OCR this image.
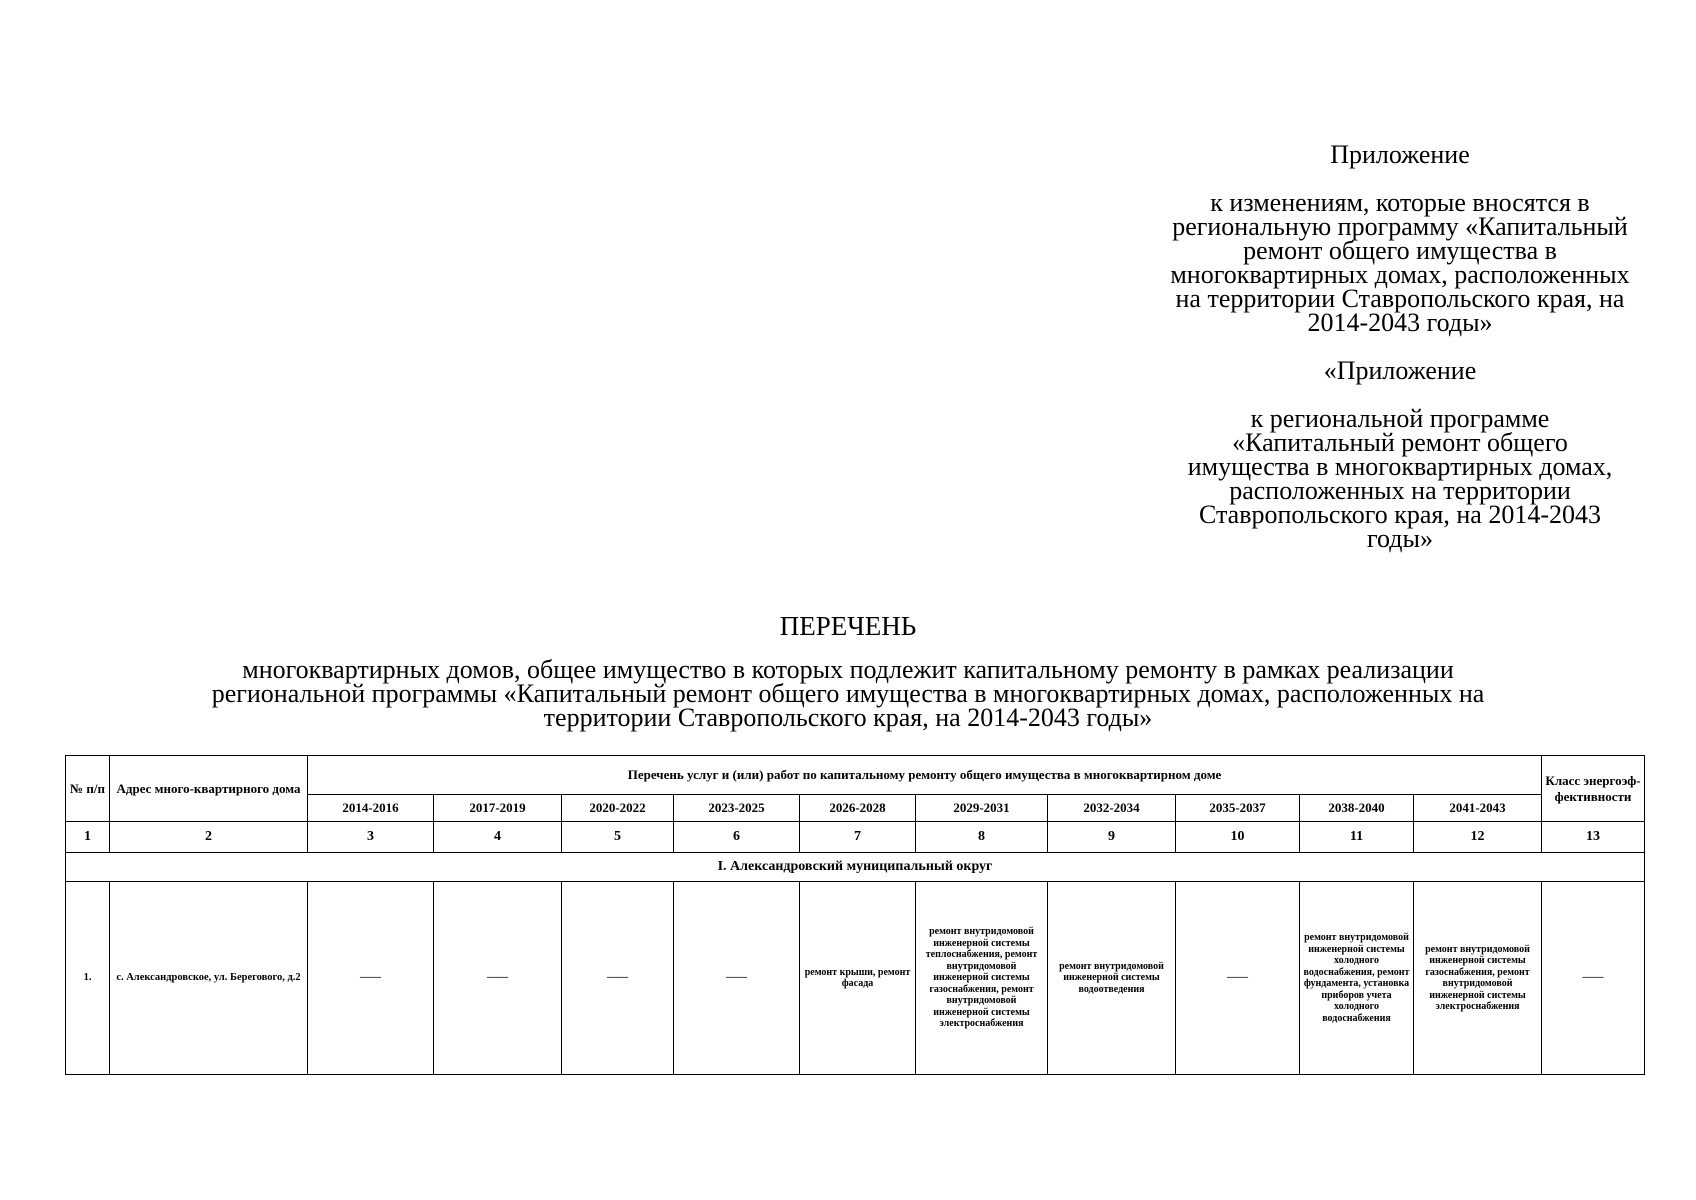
Приложение
к изменениям, которые вносятся в региональную программу «Капитальный ремонт общего имущества в многоквартирных домах, расположенных на территории Ставропольского края, на 2014-2043 годы»
«Приложение
к региональной программе «Капитальный ремонт общего имущества в многоквартирных домах, расположенных на территории Ставропольского края, на 2014-2043 годы»
ПЕРЕЧЕНЬ
многоквартирных домов, общее имущество в которых подлежит капитальному ремонту в рамках реализации региональной программы «Капитальный ремонт общего имущества в многоквартирных домах, расположенных на территории Ставропольского края, на 2014-2043 годы»
№ п/п	Адрес много-квартирного дома	Перечень услуг и (или) работ по капитальному ремонту общего имущества в многоквартирном доме										Класс энергоэф-фективности
		2014-2016	2017-2019	2020-2022	2023-2025	2026-2028	2029-2031	2032-2034	2035-2037	2038-2040	2041-2043	
1	2	3	4	5	6	7	8	9	10	11	12	13
I. Александровский муниципальный округ												
1.	с. Александровское, ул. Берегового, д.2	——	——	——	——	ремонт крыши, ремонт фасада	ремонт внутридомовой инженерной системы теплоснабжения, ремонт внутридомовой инженерной системы газоснабжения, ремонт внутридомовой инженерной системы электроснабжения	ремонт внутридомовой инженерной системы водоотведения	——	ремонт внутридомовой инженерной системы холодного водоснабжения, ремонт фундамента, установка приборов учета холодного водоснабжения	ремонт внутридомовой инженерной системы газоснабжения, ремонт внутридомовой инженерной системы электроснабжения	——
